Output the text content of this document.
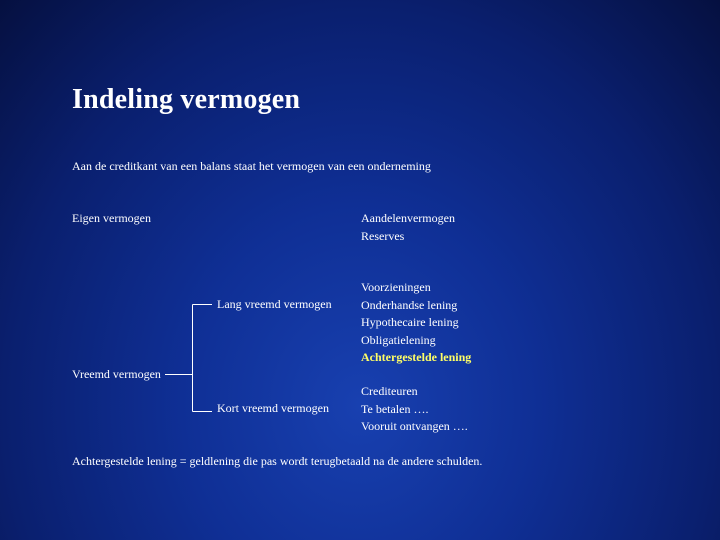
Indeling vermogen
Aan de creditkant van een balans staat het vermogen van een onderneming
Eigen vermogen	Aandelenvermogen
Reserves
Lang vreemd vermogen
Voorzieningen
Onderhandse lening
Hypothecaire lening
Obligatielening
Achtergestelde lening
Vreemd vermogen
Kort vreemd vermogen
Crediteuren
Te betalen ….
Vooruit ontvangen ….
Achtergestelde lening = geldlening die pas wordt terugbetaald na de andere schulden.
